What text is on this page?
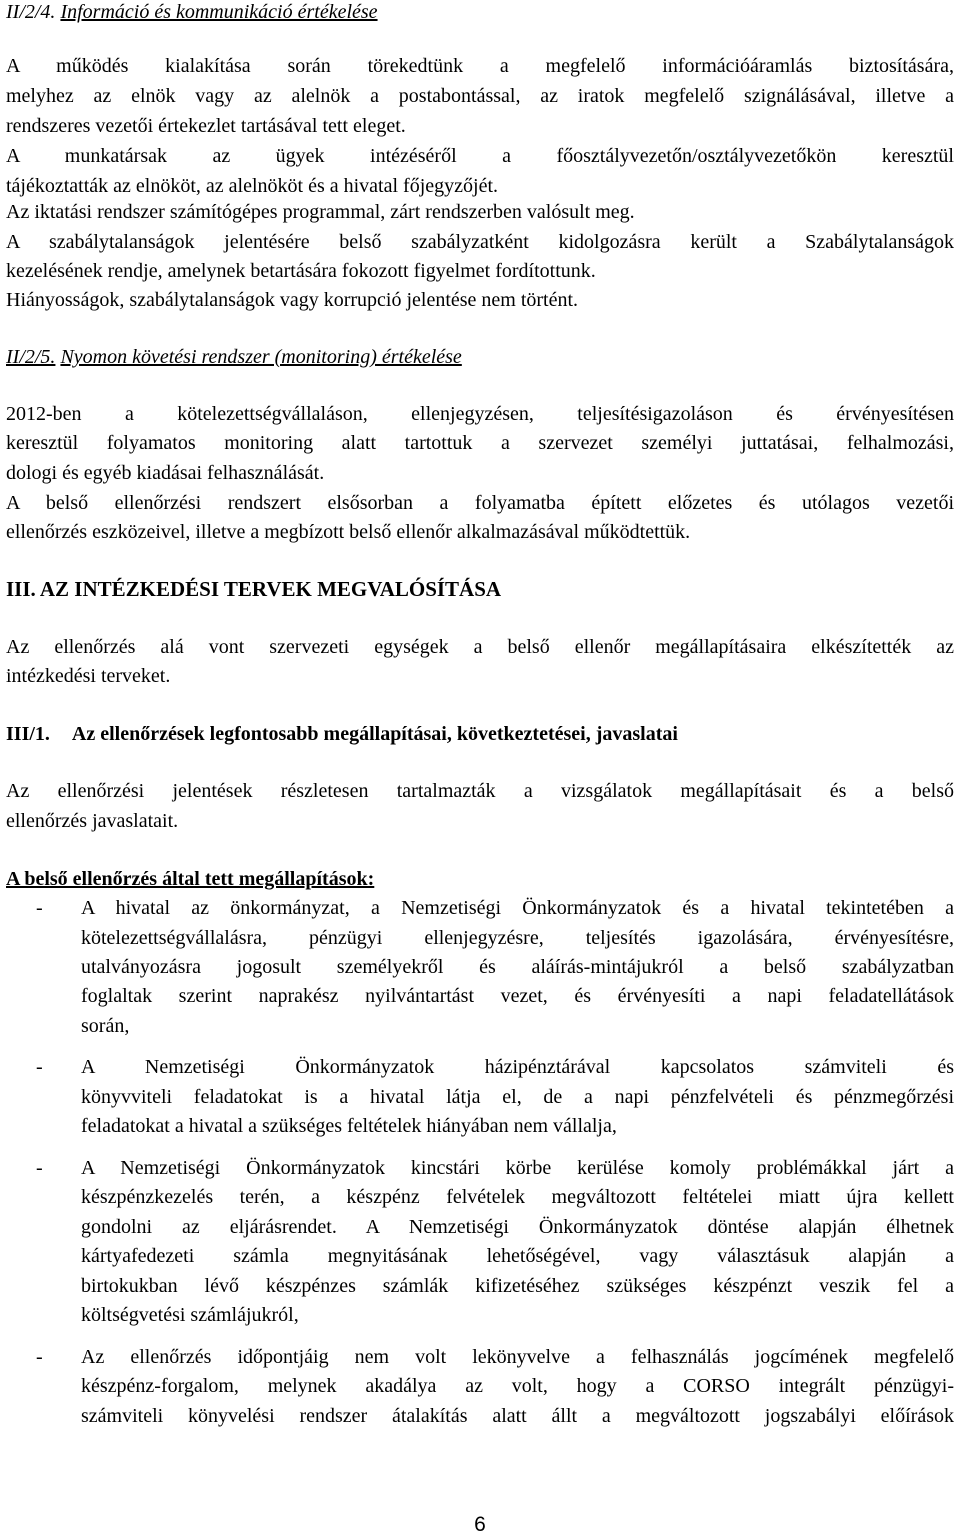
II/2/4. Információ és kommunikáció értékelése
A működés kialakítása során törekedtünk a megfelelő információáramlás biztosítására,
melyhez az elnök vagy az alelnök a postabontással, az iratok megfelelő szignálásával, illetve a
rendszeres vezetői értekezlet tartásával tett eleget.
A munkatársak az ügyek intézéséről a főosztályvezetőn/osztályvezetőkön keresztül
tájékoztatták az elnököt, az alelnököt és a hivatal főjegyzőjét.
Az iktatási rendszer számítógépes programmal, zárt rendszerben valósult meg.
A szabálytalanságok jelentésére belső szabályzatként kidolgozásra került a Szabálytalanságok
kezelésének rendje, amelynek betartására fokozott figyelmet fordítottunk.
Hiányosságok, szabálytalanságok vagy korrupció jelentése nem történt.
II/2/5. Nyomon követési rendszer (monitoring) értékelése
2012-ben a kötelezettségvállaláson, ellenjegyzésen, teljesítésigazoláson és érvényesítésen
keresztül folyamatos monitoring alatt tartottuk a szervezet személyi juttatásai, felhalmozási,
dologi és egyéb kiadásai felhasználását.
A belső ellenőrzési rendszert elsősorban a folyamatba épített előzetes és utólagos vezetői
ellenőrzés eszközeivel, illetve a megbízott belső ellenőr alkalmazásával működtettük.
III. AZ INTÉZKEDÉSI TERVEK MEGVALÓSÍTÁSA
Az ellenőrzés alá vont szervezeti egységek a belső ellenőr megállapításaira elkészítették az
intézkedési terveket.
III/1. Az ellenőrzések legfontosabb megállapításai, következtetései, javaslatai
Az ellenőrzési jelentések részletesen tartalmazták a vizsgálatok megállapításait és a belső
ellenőrzés javaslatait.
A belső ellenőrzés által tett megállapítások:
- A hivatal az önkormányzat, a Nemzetiségi Önkormányzatok és a hivatal tekintetében a
kötelezettségvállalásra, pénzügyi ellenjegyzésre, teljesítés igazolására, érvényesítésre,
utalványozásra jogosult személyekről és aláírás-mintájukról a belső szabályzatban
foglaltak szerint naprakész nyilvántartást vezet, és érvényesíti a napi feladatellátások
során,
- A Nemzetiségi Önkormányzatok házipénztárával kapcsolatos számviteli és
könyvviteli feladatokat is a hivatal látja el, de a napi pénzfelvételi és pénzmegőrzési
feladatokat a hivatal a szükséges feltételek hiányában nem vállalja,
- A Nemzetiségi Önkormányzatok kincstári körbe kerülése komoly problémákkal járt a
készpénzkezelés terén, a készpénz felvételek megváltozott feltételei miatt újra kellett
gondolni az eljárásrendet. A Nemzetiségi Önkormányzatok döntése alapján élhetnek
kártyafedezeti számla megnyitásának lehetőségével, vagy választásuk alapján a
birtokukban lévő készpénzes számlák kifizetéséhez szükséges készpénzt veszik fel a
költségvetési számlájukról,
- Az ellenőrzés időpontjáig nem volt lekönyvelve a felhasználás jogcímének megfelelő
készpénz-forgalom, melynek akadálya az volt, hogy a CORSO integrált pénzügyi-
számviteli könyvelési rendszer átalakítás alatt állt a megváltozott jogszabályi előírások
6
